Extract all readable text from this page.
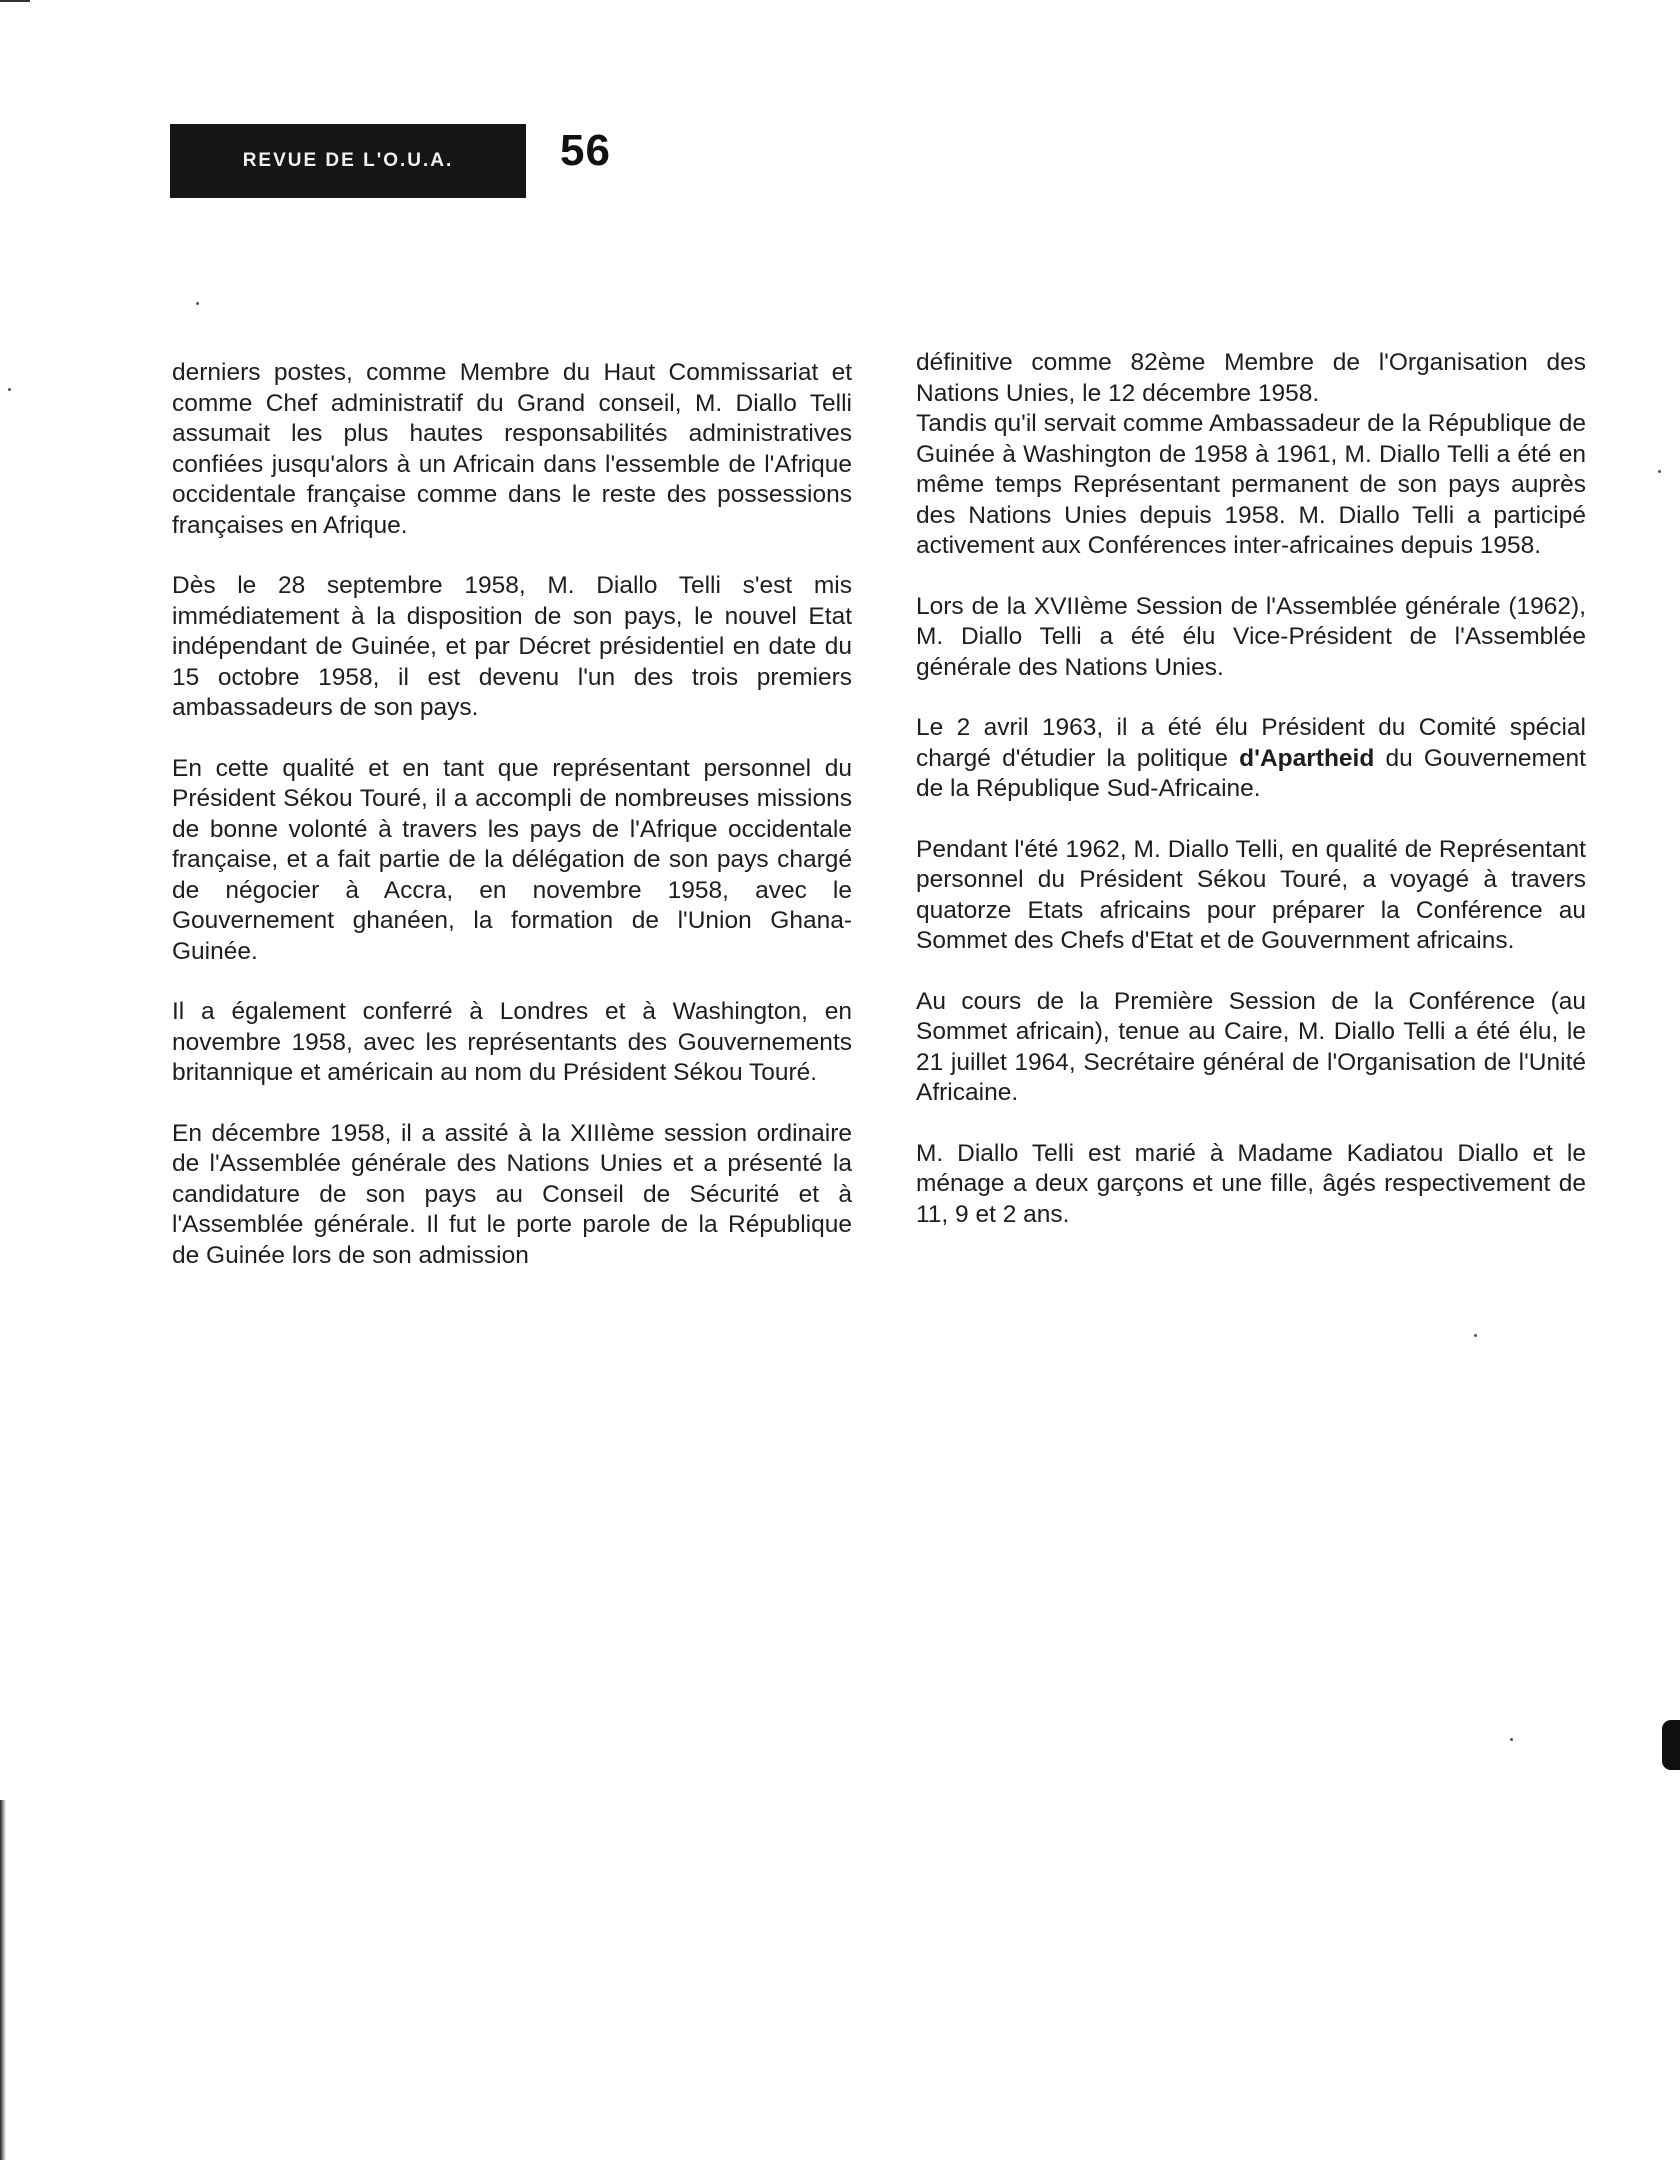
REVUE DE L'O.U.A. 56

derniers postes, comme Membre du Haut Commissariat et comme Chef administratif du Grand conseil, M. Diallo Telli assumait les plus hautes responsabilités administratives confiées jusqu'alors à un Africain dans l'essemble de l'Afrique occidentale française comme dans le reste des possessions françaises en Afrique.

Dès le 28 septembre 1958, M. Diallo Telli s'est mis immédiatement à la disposition de son pays, le nouvel Etat indépendant de Guinée, et par Décret présidentiel en date du 15 octobre 1958, il est devenu l'un des trois premiers ambassadeurs de son pays.

En cette qualité et en tant que représentant personnel du Président Sékou Touré, il a accompli de nombreuses missions de bonne volonté à travers les pays de l'Afrique occidentale française, et a fait partie de la délégation de son pays chargé de négocier à Accra, en novembre 1958, avec le Gouvernement ghanéen, la formation de l'Union Ghana-Guinée.

Il a également conferré à Londres et à Washington, en novembre 1958, avec les représentants des Gouvernements britannique et américain au nom du Président Sékou Touré.

En décembre 1958, il a assité à la XIIIème session ordinaire de l'Assemblée générale des Nations Unies et a présenté la candidature de son pays au Conseil de Sécurité et à l'Assemblée générale. Il fut le porte parole de la République de Guinée lors de son admission

définitive comme 82ème Membre de l'Organisation des Nations Unies, le 12 décembre 1958.

Tandis qu'il servait comme Ambassadeur de la République de Guinée à Washington de 1958 à 1961, M. Diallo Telli a été en même temps Représentant permanent de son pays auprès des Nations Unies depuis 1958. M. Diallo Telli a participé activement aux Conférences inter-africaines depuis 1958.

Lors de la XVIIème Session de l'Assemblée générale (1962), M. Diallo Telli a été élu Vice-Président de l'Assemblée générale des Nations Unies.

Le 2 avril 1963, il a été élu Président du Comité spécial chargé d'étudier la politique d'Apartheid du Gouvernement de la République Sud-Africaine.

Pendant l'été 1962, M. Diallo Telli, en qualité de Représentant personnel du Président Sékou Touré, a voyagé à travers quatorze Etats africains pour préparer la Conférence au Sommet des Chefs d'Etat et de Gouvernment africains.

Au cours de la Première Session de la Conférence (au Sommet africain), tenue au Caire, M. Diallo Telli a été élu, le 21 juillet 1964, Secrétaire général de l'Organisation de l'Unité Africaine.

M. Diallo Telli est marié à Madame Kadiatou Diallo et le ménage a deux garçons et une fille, âgés respectivement de 11, 9 et 2 ans.
